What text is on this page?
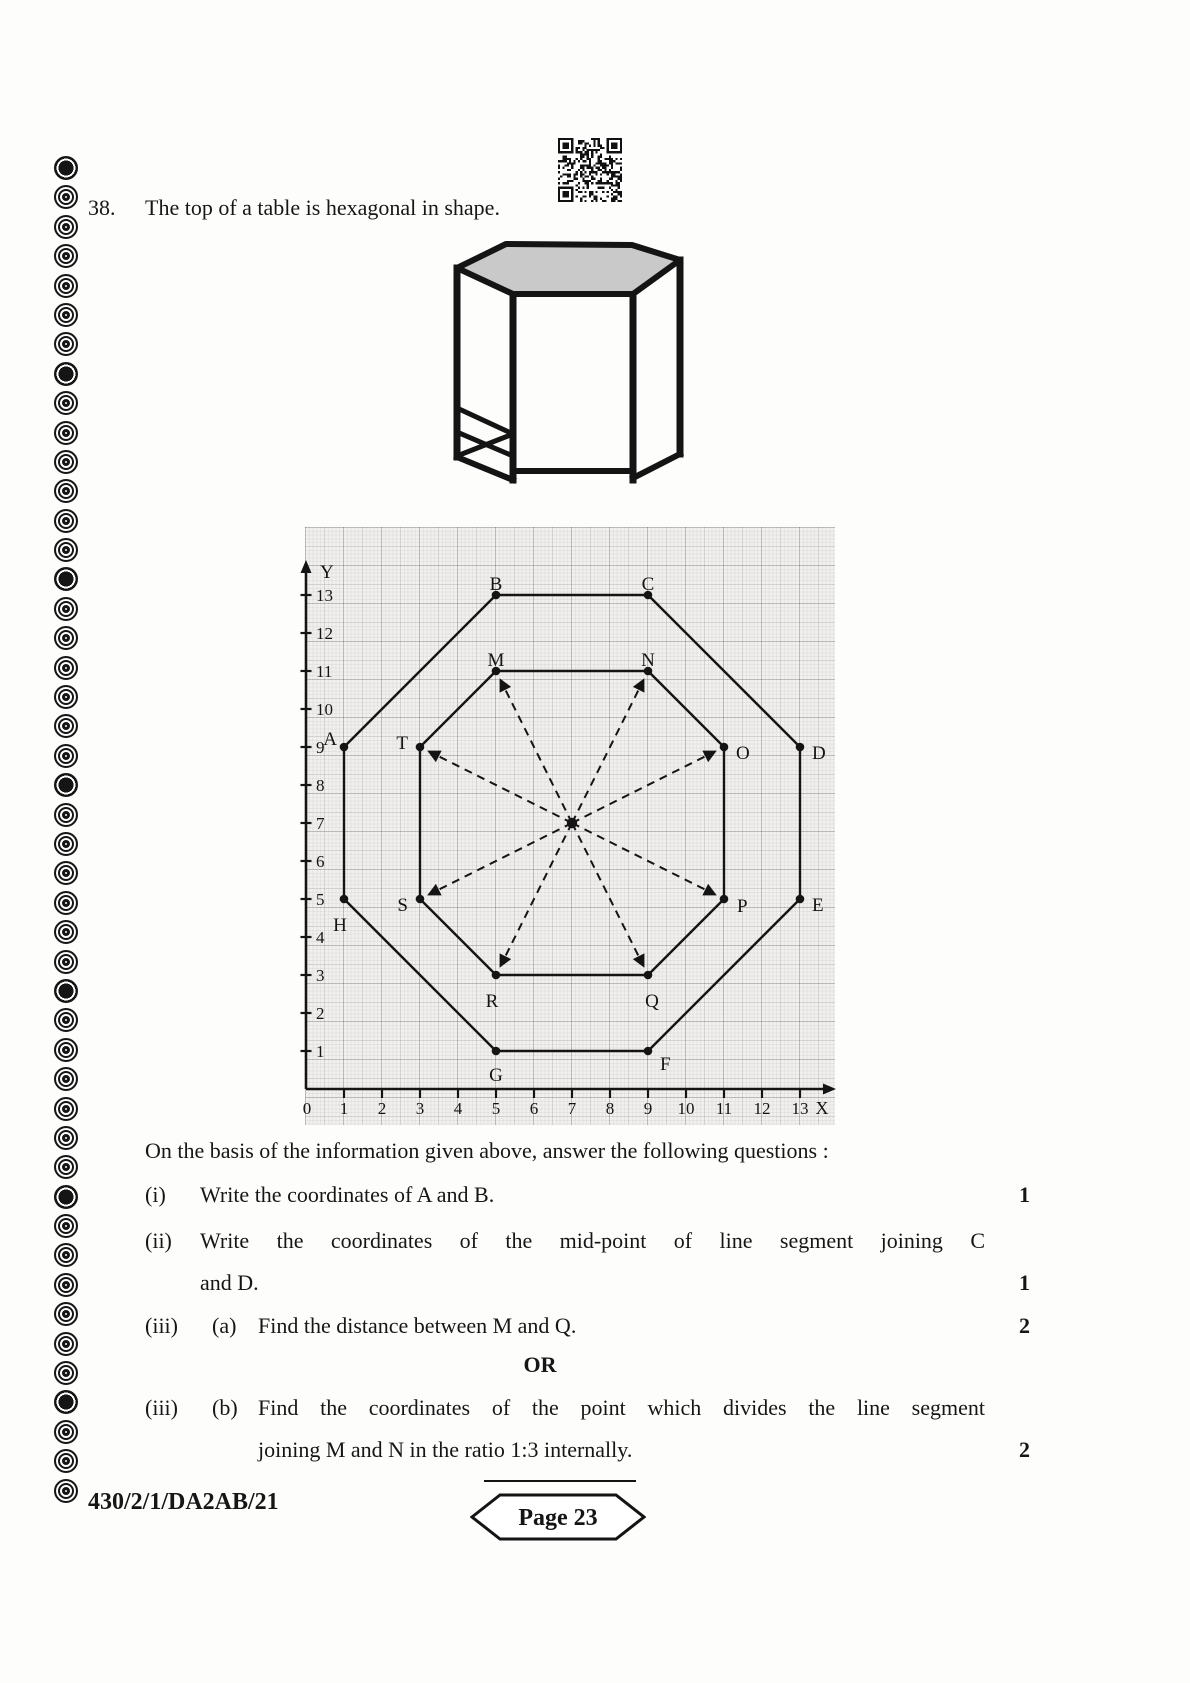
38. The top of a table is hexagonal in shape.
Y
X
0 1 2 3 4 5 6 7 8 9 10 11 12 13
1
2
3
4
5
6
7
8
9
10
11
12
13
A
B	C
D
E
F
G
H
M	N
O
P
Q
R
S
T
On the basis of the information given above, answer the following questions :
(i) Write the coordinates of A and B.	1
(ii) Write the coordinates of the mid-point of line segment joining C
and D.	1
(iii) (a) Find the distance between M and Q.	2
OR
(iii) (b) Find the coordinates of the point which divides the line segment
joining M and N in the ratio 1:3 internally.	2
430/2/1/DA2AB/21
Page 23
